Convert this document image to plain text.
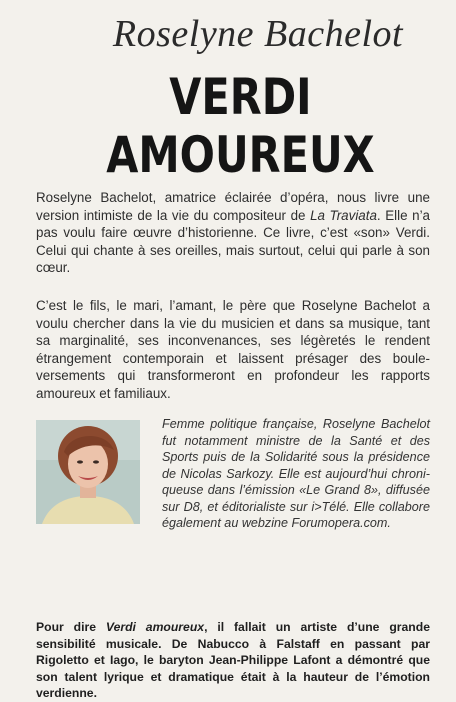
Roselyne Bachelot
VERDI AMOUREUX
Roselyne Bachelot, amatrice éclairée d’opéra, nous livre une version intimiste de la vie du compositeur de La Traviata. Elle n’a pas voulu faire œuvre d’historienne. Ce livre, c’est «son» Verdi. Celui qui chante à ses oreilles, mais surtout, celui qui parle à son cœur.
C’est le fils, le mari, l’amant, le père que Roselyne Bachelot a voulu chercher dans la vie du musicien et dans sa musique, tant sa marginalité, ses inconvenances, ses légèretés le rendent étrangement contemporain et laissent présager des boule-versements qui transformeront en profondeur les rapports amoureux et familiaux.
Femme politique française, Roselyne Bachelot fut notamment ministre de la Santé et des Sports puis de la Solidarité sous la présidence de Nicolas Sarkozy. Elle est aujourd’hui chroni-queuse dans l’émission «Le Grand 8», diffusée sur D8, et éditorialiste sur i>Télé. Elle collabore également au webzine Forumopera.com.
Pour dire Verdi amoureux, il fallait un artiste d’une grande sensibilité musicale. De Nabucco à Falstaff en passant par Rigoletto et Iago, le baryton Jean-Philippe Lafont a démontré que son talent lyrique et dramatique était à la hauteur de l’émotion verdienne.
